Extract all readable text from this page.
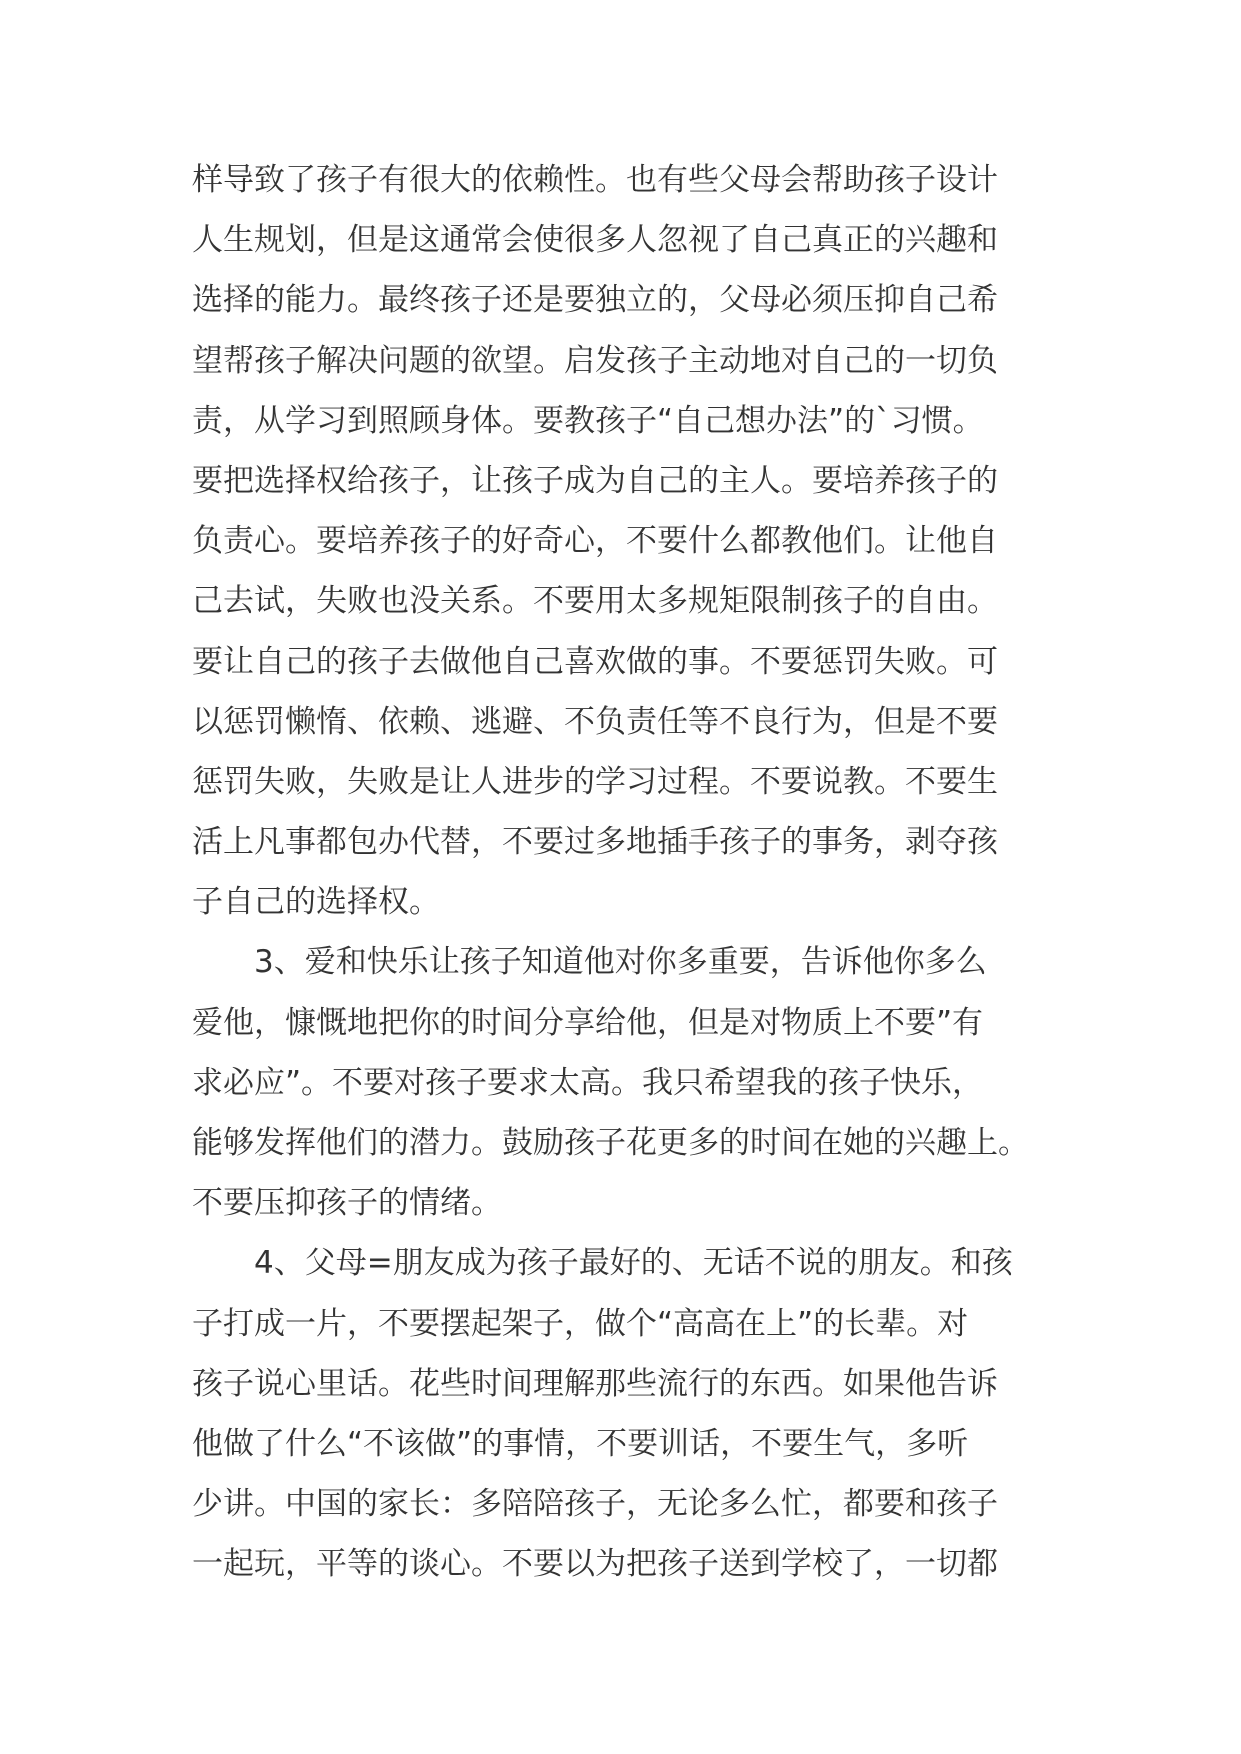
样导致了孩子有很大的依赖性。也有些父母会帮助孩子设计
人生规划，但是这通常会使很多人忽视了自己真正的兴趣和
选择的能力。最终孩子还是要独立的，父母必须压抑自己希
望帮孩子解决问题的欲望。启发孩子主动地对自己的一切负
责，从学习到照顾身体。要教孩子“自己想办法”的`习惯。
要把选择权给孩子，让孩子成为自己的主人。要培养孩子的
负责心。要培养孩子的好奇心，不要什么都教他们。让他自
己去试，失败也没关系。不要用太多规矩限制孩子的自由。
要让自己的孩子去做他自己喜欢做的事。不要惩罚失败。可
以惩罚懒惰、依赖、逃避、不负责任等不良行为，但是不要
惩罚失败，失败是让人进步的学习过程。不要说教。不要生
活上凡事都包办代替，不要过多地插手孩子的事务，剥夺孩
子自己的选择权。
　　3、爱和快乐让孩子知道他对你多重要，告诉他你多么
爱他，慷慨地把你的时间分享给他，但是对物质上不要”有
求必应”。不要对孩子要求太高。我只希望我的孩子快乐，
能够发挥他们的潜力。鼓励孩子花更多的时间在她的兴趣上。
不要压抑孩子的情绪。
　　4、父母=朋友成为孩子最好的、无话不说的朋友。和孩
子打成一片，不要摆起架子，做个“高高在上”的长辈。对
孩子说心里话。花些时间理解那些流行的东西。如果他告诉
他做了什么“不该做”的事情，不要训话，不要生气，多听
少讲。中国的家长：多陪陪孩子，无论多么忙，都要和孩子
一起玩，平等的谈心。不要以为把孩子送到学校了，一切都
